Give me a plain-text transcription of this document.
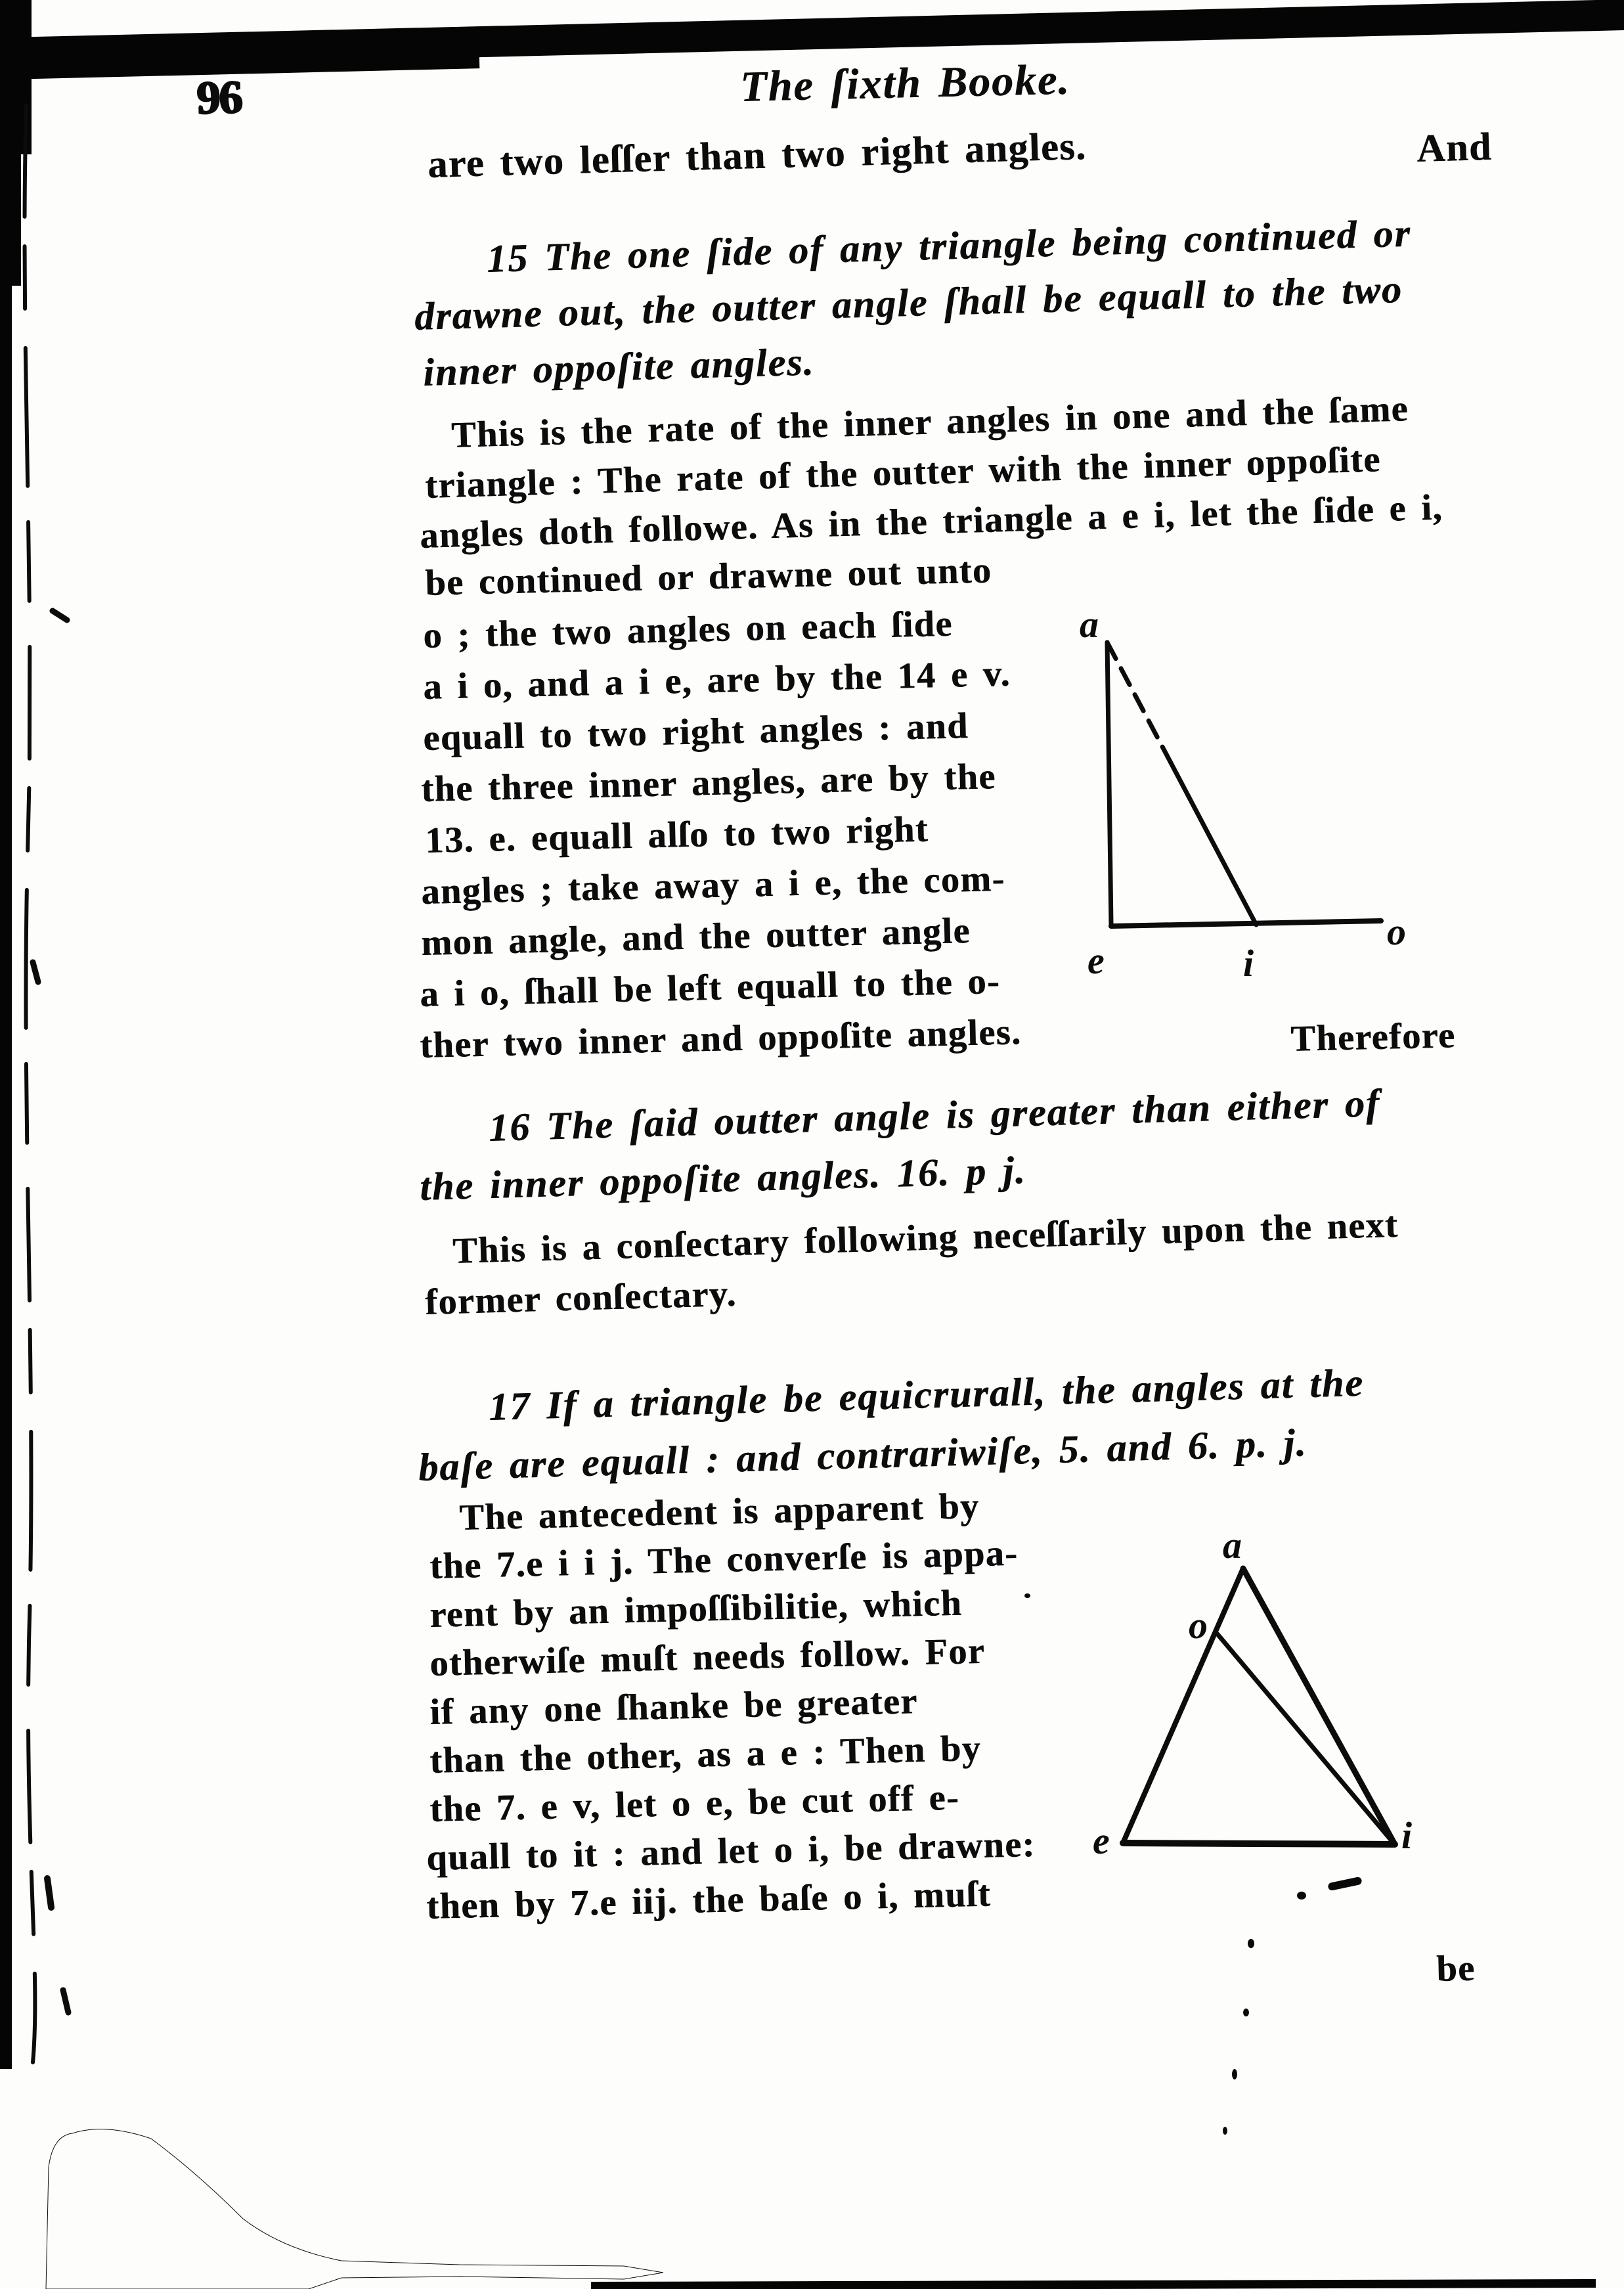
96	The ſixth Booke.
are two leſſer than two right angles.	And
15 The one ſide of any triangle being continued or
drawne out, the outter angle ſhall be equall to the two
inner oppoſite angles.
This is the rate of the inner angles in one and the ſame
triangle : The rate of the outter with the inner oppoſite
angles doth followe. As in the triangle a e i, let the ſide e i,
be continued or drawne out unto
o ; the two angles on each ſide
a i o, and a i e, are by the 14 e v.
equall to two right angles : and
the three inner angles, are by the
13. e. equall alſo to two right
angles ; take away a i e, the com-
mon angle, and the outter angle
a i o, ſhall be left equall to the o-
ther two inner and oppoſite angles.	Therefore
a
e	i
o
16 The ſaid outter angle is greater than either of
the inner oppoſite angles. 16. p j.
This is a conſectary following neceſſarily upon the next
former conſectary.
17 If a triangle be equicrurall, the angles at the
baſe are equall : and contrariwiſe, 5. and 6. p. j.
The antecedent is apparent by
the 7.e i i j. The converſe is appa-
rent by an impoſſibilitie, which
otherwiſe muſt needs follow. For
if any one ſhanke be greater
than the other, as a e : Then by
the 7. e v, let o e, be cut off e-
quall to it : and let o i, be drawne:
then by 7.e iij. the baſe o i, muſt
a
o
e	i
be
